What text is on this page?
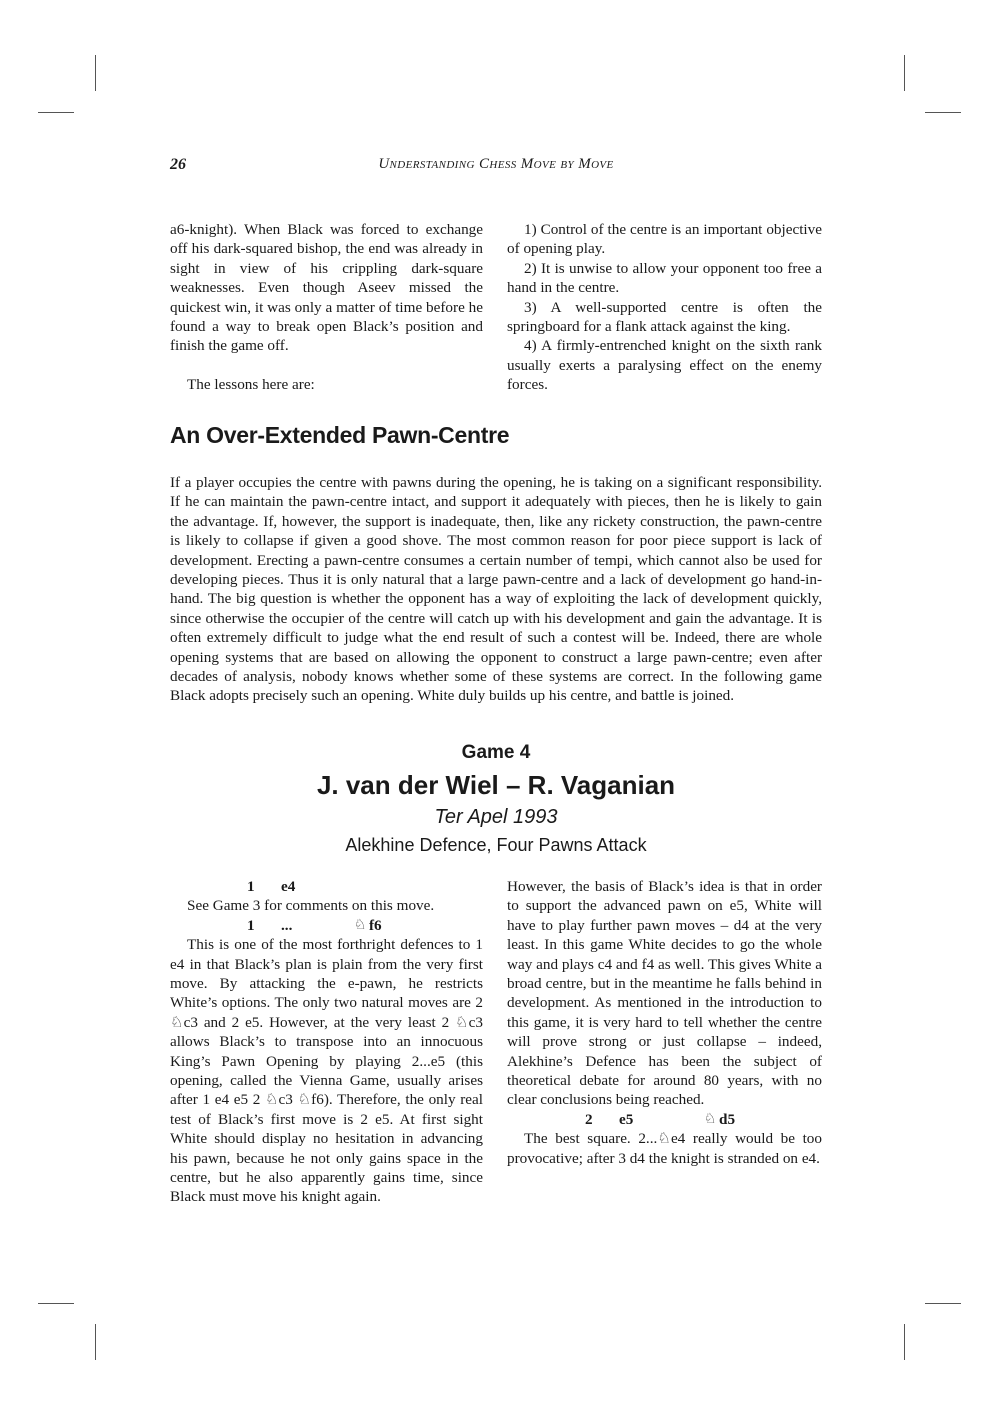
26	Understanding Chess Move by Move

a6-knight). When Black was forced to exchange off his dark-squared bishop, the end was already in sight in view of his crippling dark-square weaknesses. Even though Aseev missed the quickest win, it was only a matter of time before he found a way to break open Black’s position and finish the game off.

The lessons here are:

1) Control of the centre is an important objective of opening play.

2) It is unwise to allow your opponent too free a hand in the centre.

3) A well-supported centre is often the springboard for a flank attack against the king.

4) A firmly-entrenched knight on the sixth rank usually exerts a paralysing effect on the enemy forces.

An Over-Extended Pawn-Centre

If a player occupies the centre with pawns during the opening, he is taking on a significant responsibility. If he can maintain the pawn-centre intact, and support it adequately with pieces, then he is likely to gain the advantage. If, however, the support is inadequate, then, like any rickety construction, the pawn-centre is likely to collapse if given a good shove. The most common reason for poor piece support is lack of development. Erecting a pawn-centre consumes a certain number of tempi, which cannot also be used for developing pieces. Thus it is only natural that a large pawn-centre and a lack of development go hand-in-hand. The big question is whether the opponent has a way of exploiting the lack of development quickly, since otherwise the occupier of the centre will catch up with his development and gain the advantage. It is often extremely difficult to judge what the end result of such a contest will be. Indeed, there are whole opening systems that are based on allowing the opponent to construct a large pawn-centre; even after decades of analysis, nobody knows whether some of these systems are correct. In the following game Black adopts precisely such an opening. White duly builds up his centre, and battle is joined.

Game 4
J. van der Wiel – R. Vaganian
Ter Apel 1993
Alekhine Defence, Four Pawns Attack
1 e4

See Game 3 for comments on this move.

1 ...	♘ f6

This is one of the most forthright defences to 1 e4 in that Black’s plan is plain from the very first move. By attacking the e-pawn, he restricts White’s options. The only two natural moves are 2 ♘c3 and 2 e5. However, at the very least 2 ♘c3 allows Black’s to transpose into an innocuous King’s Pawn Opening by playing 2...e5 (this opening, called the Vienna Game, usually arises after 1 e4 e5 2 ♘c3 ♘f6). Therefore, the only real test of Black’s first move is 2 e5. At first sight White should display no hesitation in advancing his pawn, because he not only gains space in the centre, but he also apparently gains time, since Black must move his knight again.

However, the basis of Black’s idea is that in order to support the advanced pawn on e5, White will have to play further pawn moves – d4 at the very least. In this game White decides to go the whole way and plays c4 and f4 as well. This gives White a broad centre, but in the meantime he falls behind in development. As mentioned in the introduction to this game, it is very hard to tell whether the centre will prove strong or just collapse – indeed, Alekhine’s Defence has been the subject of theoretical debate for around 80 years, with no clear conclusions being reached.

2 e5	♘ d5

The best square. 2...♘e4 really would be too provocative; after 3 d4 the knight is stranded on e4.
